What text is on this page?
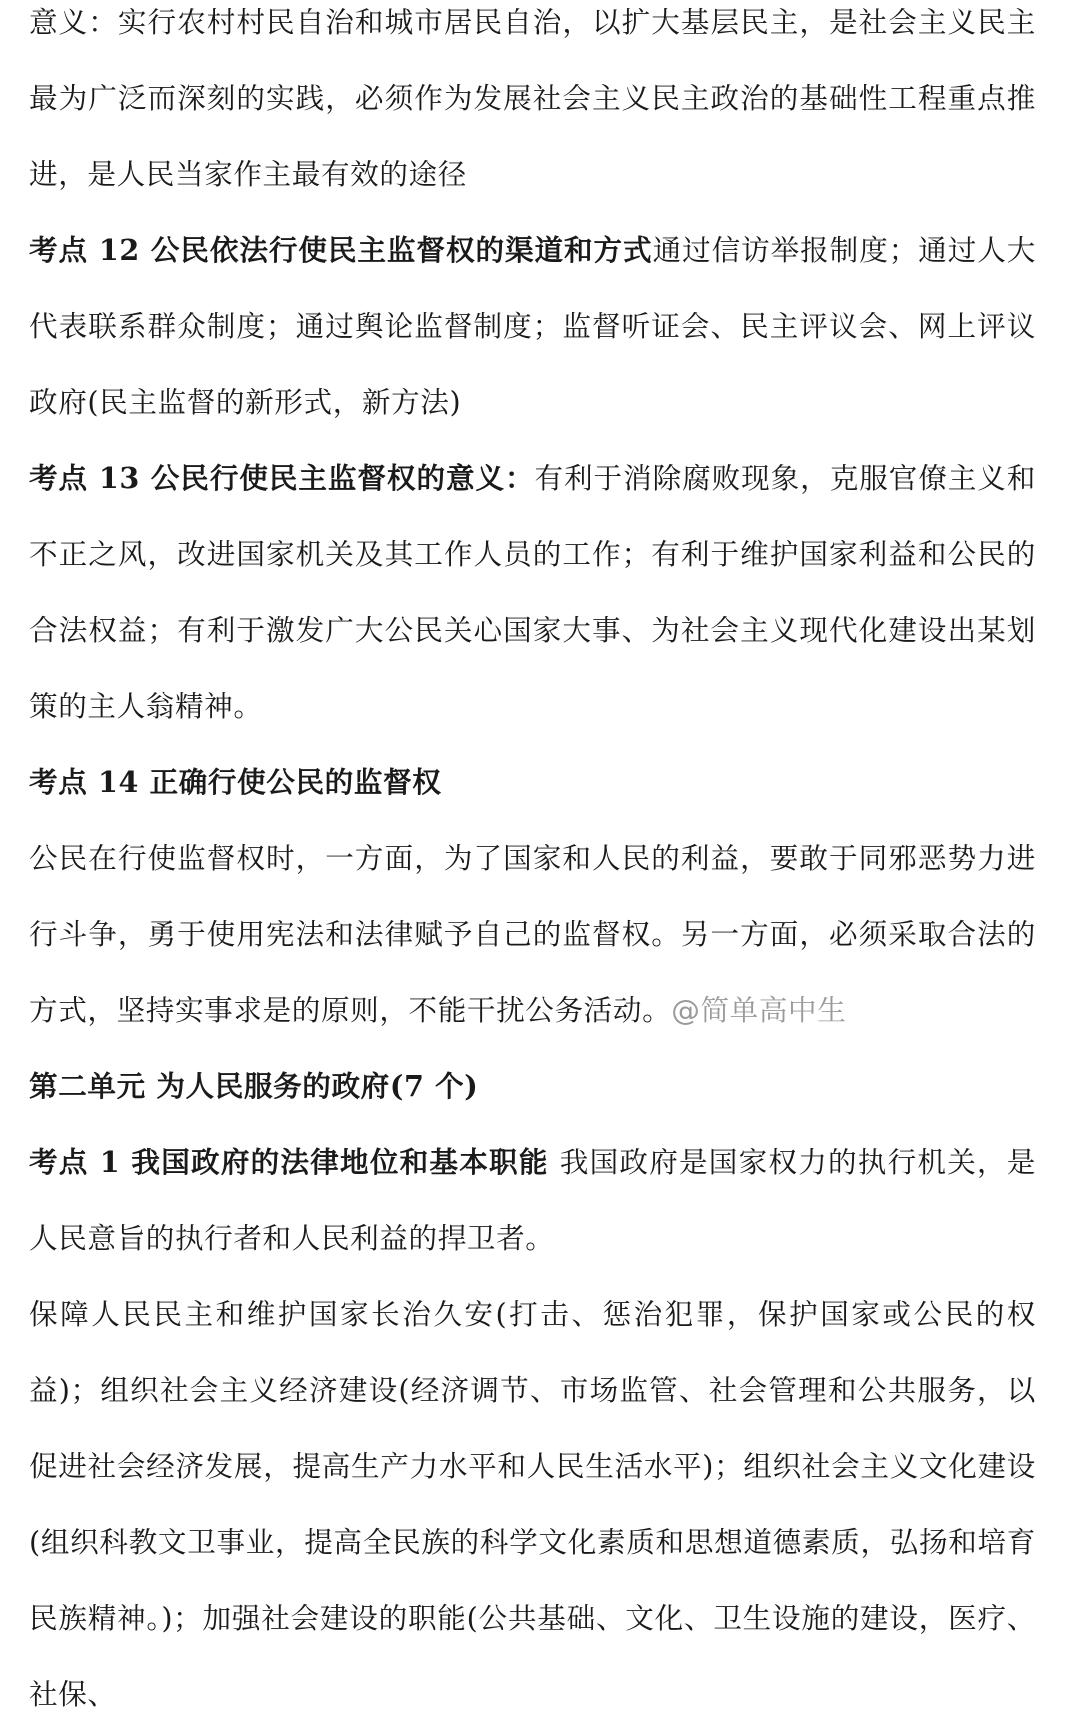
意义：实行农村村民自治和城市居民自治，以扩大基层民主，是社会主义民主最为广泛而深刻的实践，必须作为发展社会主义民主政治的基础性工程重点推进，是人民当家作主最有效的途径

考点 12 公民依法行使民主监督权的渠道和方式通过信访举报制度；通过人大代表联系群众制度；通过舆论监督制度；监督听证会、民主评议会、网上评议政府(民主监督的新形式，新方法)

考点 13 公民行使民主监督权的意义：有利于消除腐败现象，克服官僚主义和不正之风，改进国家机关及其工作人员的工作；有利于维护国家利益和公民的合法权益；有利于激发广大公民关心国家大事、为社会主义现代化建设出某划策的主人翁精神。

考点 14 正确行使公民的监督权

公民在行使监督权时，一方面，为了国家和人民的利益，要敢于同邪恶势力进行斗争，勇于使用宪法和法律赋予自己的监督权。另一方面，必须采取合法的方式，坚持实事求是的原则，不能干扰公务活动。@简单高中生

第二单元 为人民服务的政府(7 个)

考点 1 我国政府的法律地位和基本职能 我国政府是国家权力的执行机关，是人民意旨的执行者和人民利益的捍卫者。

保障人民民主和维护国家长治久安(打击、惩治犯罪，保护国家或公民的权益)；组织社会主义经济建设(经济调节、市场监管、社会管理和公共服务，以促进社会经济发展，提高生产力水平和人民生活水平)；组织社会主义文化建设(组织科教文卫事业，提高全民族的科学文化素质和思想道德素质，弘扬和培育民族精神。)；加强社会建设的职能(公共基础、文化、卫生设施的建设，医疗、社保、
